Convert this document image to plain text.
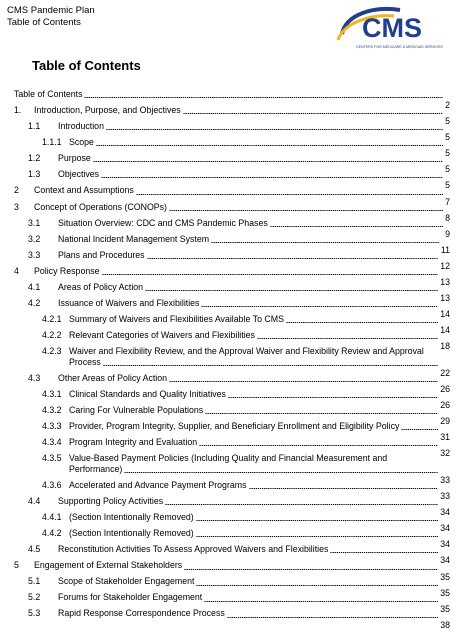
CMS Pandemic Plan
Table of Contents	CMS
CENTERS FOR MEDICARE & MEDICAID SERVICES
Table of Contents
Table of Contents
2
1. Introduction, Purpose, and Objectives
5
1.1 Introduction
5
1.1.1 Scope
5
1.2 Purpose
5
1.3 Objectives
5
2 Context and Assumptions
7
3 Concept of Operations (CONOPs)
8
3.1 Situation Overview: CDC and CMS Pandemic Phases
9
3.2 National Incident Management System
11
3.3 Plans and Procedures
12
4 Policy Response
13
4.1 Areas of Policy Action
13
4.2 Issuance of Waivers and Flexibilities
14
4.2.1 Summary of Waivers and Flexibilities Available To CMS
14
4.2.2 Relevant Categories of Waivers and Flexibilities
18
4.2.3 Waiver and Flexibility Review, and the Approval Waiver and Flexibility Review and Approval Process
22
4.3 Other Areas of Policy Action
26
4.3.1 Clinical Standards and Quality Initiatives
26
4.3.2 Caring For Vulnerable Populations
29
4.3.3 Provider, Program Integrity, Supplier, and Beneficiary Enrollment and Eligibility Policy
31
4.3.4 Program Integrity and Evaluation
32
4.3.5 Value-Based Payment Policies (Including Quality and Financial Measurement and Performance)
33
4.3.6 Accelerated and Advance Payment Programs
33
4.4 Supporting Policy Activities
34
4.4.1 (Section Intentionally Removed)
34
4.4.2 (Section Intentionally Removed)
34
4.5 Reconstitution Activities To Assess Approved Waivers and Flexibilities
34
5 Engagement of External Stakeholders
35
5.1 Scope of Stakeholder Engagement
35
5.2 Forums for Stakeholder Engagement
35
5.3 Rapid Response Correspondence Process
38
